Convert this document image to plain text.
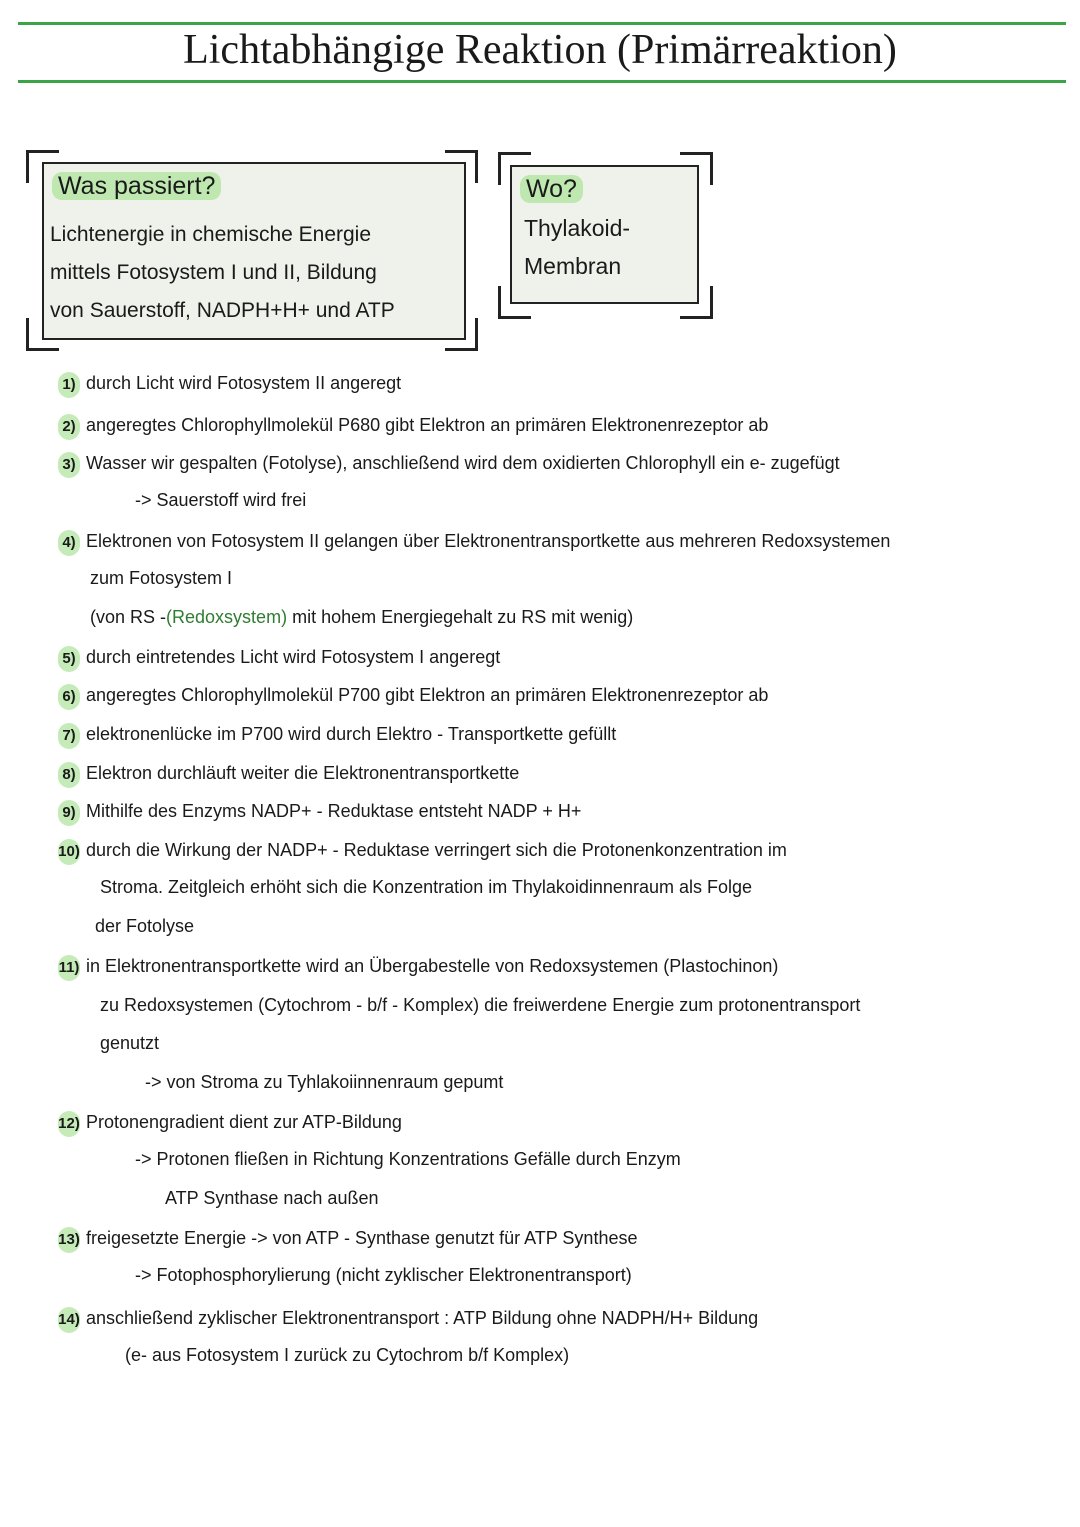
Lichtabhängige Reaktion (Primärreaktion)
Was passiert?
Lichtenergie in chemische Energie
mittels Fotosystem I und II, Bildung
von Sauerstoff, NADPH+H+ und ATP
Wo?
Thylakoid-
Membran
1) durch Licht wird Fotosystem II angeregt
2) angeregtes Chlorophyllmolekül P680 gibt Elektron an primären Elektronenrezeptor ab
3) Wasser wir gespalten (Fotolyse), anschließend wird dem oxidierten Chlorophyll ein e- zugefügt
-> Sauerstoff wird frei
4) Elektronen von Fotosystem II gelangen über Elektronentransportkette aus mehreren Redoxsystemen
zum Fotosystem I
(von RS -(Redoxsystem) mit hohem Energiegehalt zu RS mit wenig)
5) durch eintretendes Licht wird Fotosystem I angeregt
6) angeregtes Chlorophyllmolekül P700 gibt Elektron an primären Elektronenrezeptor ab
7) elektronenlücke im P700 wird durch Elektro - Transportkette gefüllt
8) Elektron durchläuft weiter die Elektronentransportkette
9) Mithilfe des Enzyms NADP+ - Reduktase entsteht NADP + H+
10) durch die Wirkung der NADP+ - Reduktase verringert sich die Protonenkonzentration im
Stroma. Zeitgleich erhöht sich die Konzentration im Thylakoidinnenraum als Folge
der Fotolyse
11) in Elektronentransportkette wird an Übergabestelle von Redoxsystemen (Plastochinon)
zu Redoxsystemen (Cytochrom - b/f - Komplex) die freiwerdene Energie zum protonentransport
genutzt
-> von Stroma zu Tyhlakoiinnenraum gepumt
12) Protonengradient dient zur ATP-Bildung
-> Protonen fließen in Richtung Konzentrations Gefälle durch Enzym
ATP Synthase nach außen
13) freigesetzte Energie -> von ATP - Synthase genutzt für ATP Synthese
-> Fotophosphorylierung (nicht zyklischer Elektronentransport)
14) anschließend zyklischer Elektronentransport : ATP Bildung ohne NADPH/H+ Bildung
(e- aus Fotosystem I zurück zu Cytochrom b/f Komplex)
